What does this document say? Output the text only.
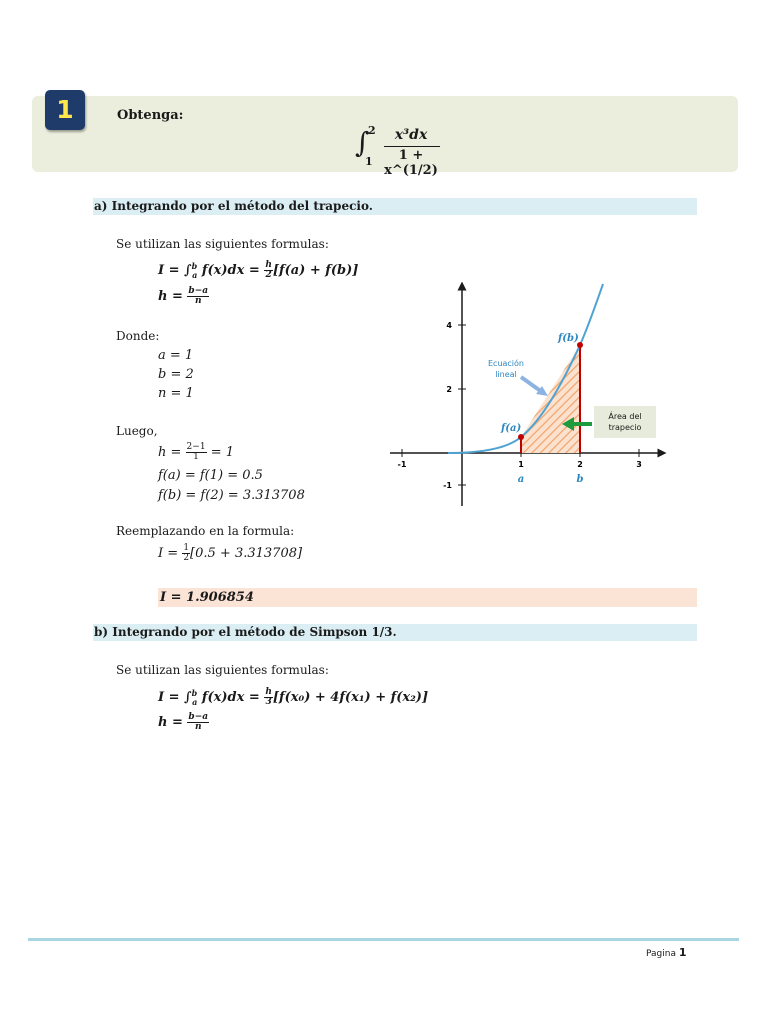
1	Obtenga:
∫
2
1
x³dx
1 + x^(1/2)
a) Integrando por el método del trapecio.
Se utilizan las siguientes formulas:
I = ∫$^b$a $f(x)dx = \frac{h}{2} [f(a) + f(b)]$
$h = \frac{b-a}{n}$
Donde:
a = 1
b = 2
n = 1
Luego,
$h = \frac{2-1}{1} = 1$
f(a) = f(1) = 0.5
f(b) = f(2) = 3.313708
Reemplazando en la formula:
$I = \frac{1}{2} [0.5 + 3.313708]$
I = 1.906854
-1	1	2	3
4
2
-1
a	b
f(a)
f(b)
Ecuación
lineal
Área del
trapecio
b) Integrando por el método de Simpson 1/3.
Se utilizan las siguientes formulas:
I = ∫$^b$a $f(x)dx = \frac{h}{3} [f(x_0) + 4f(x_1) + f(x_2)]$
$h = \frac{b-a}{n}$
Pagina 1
